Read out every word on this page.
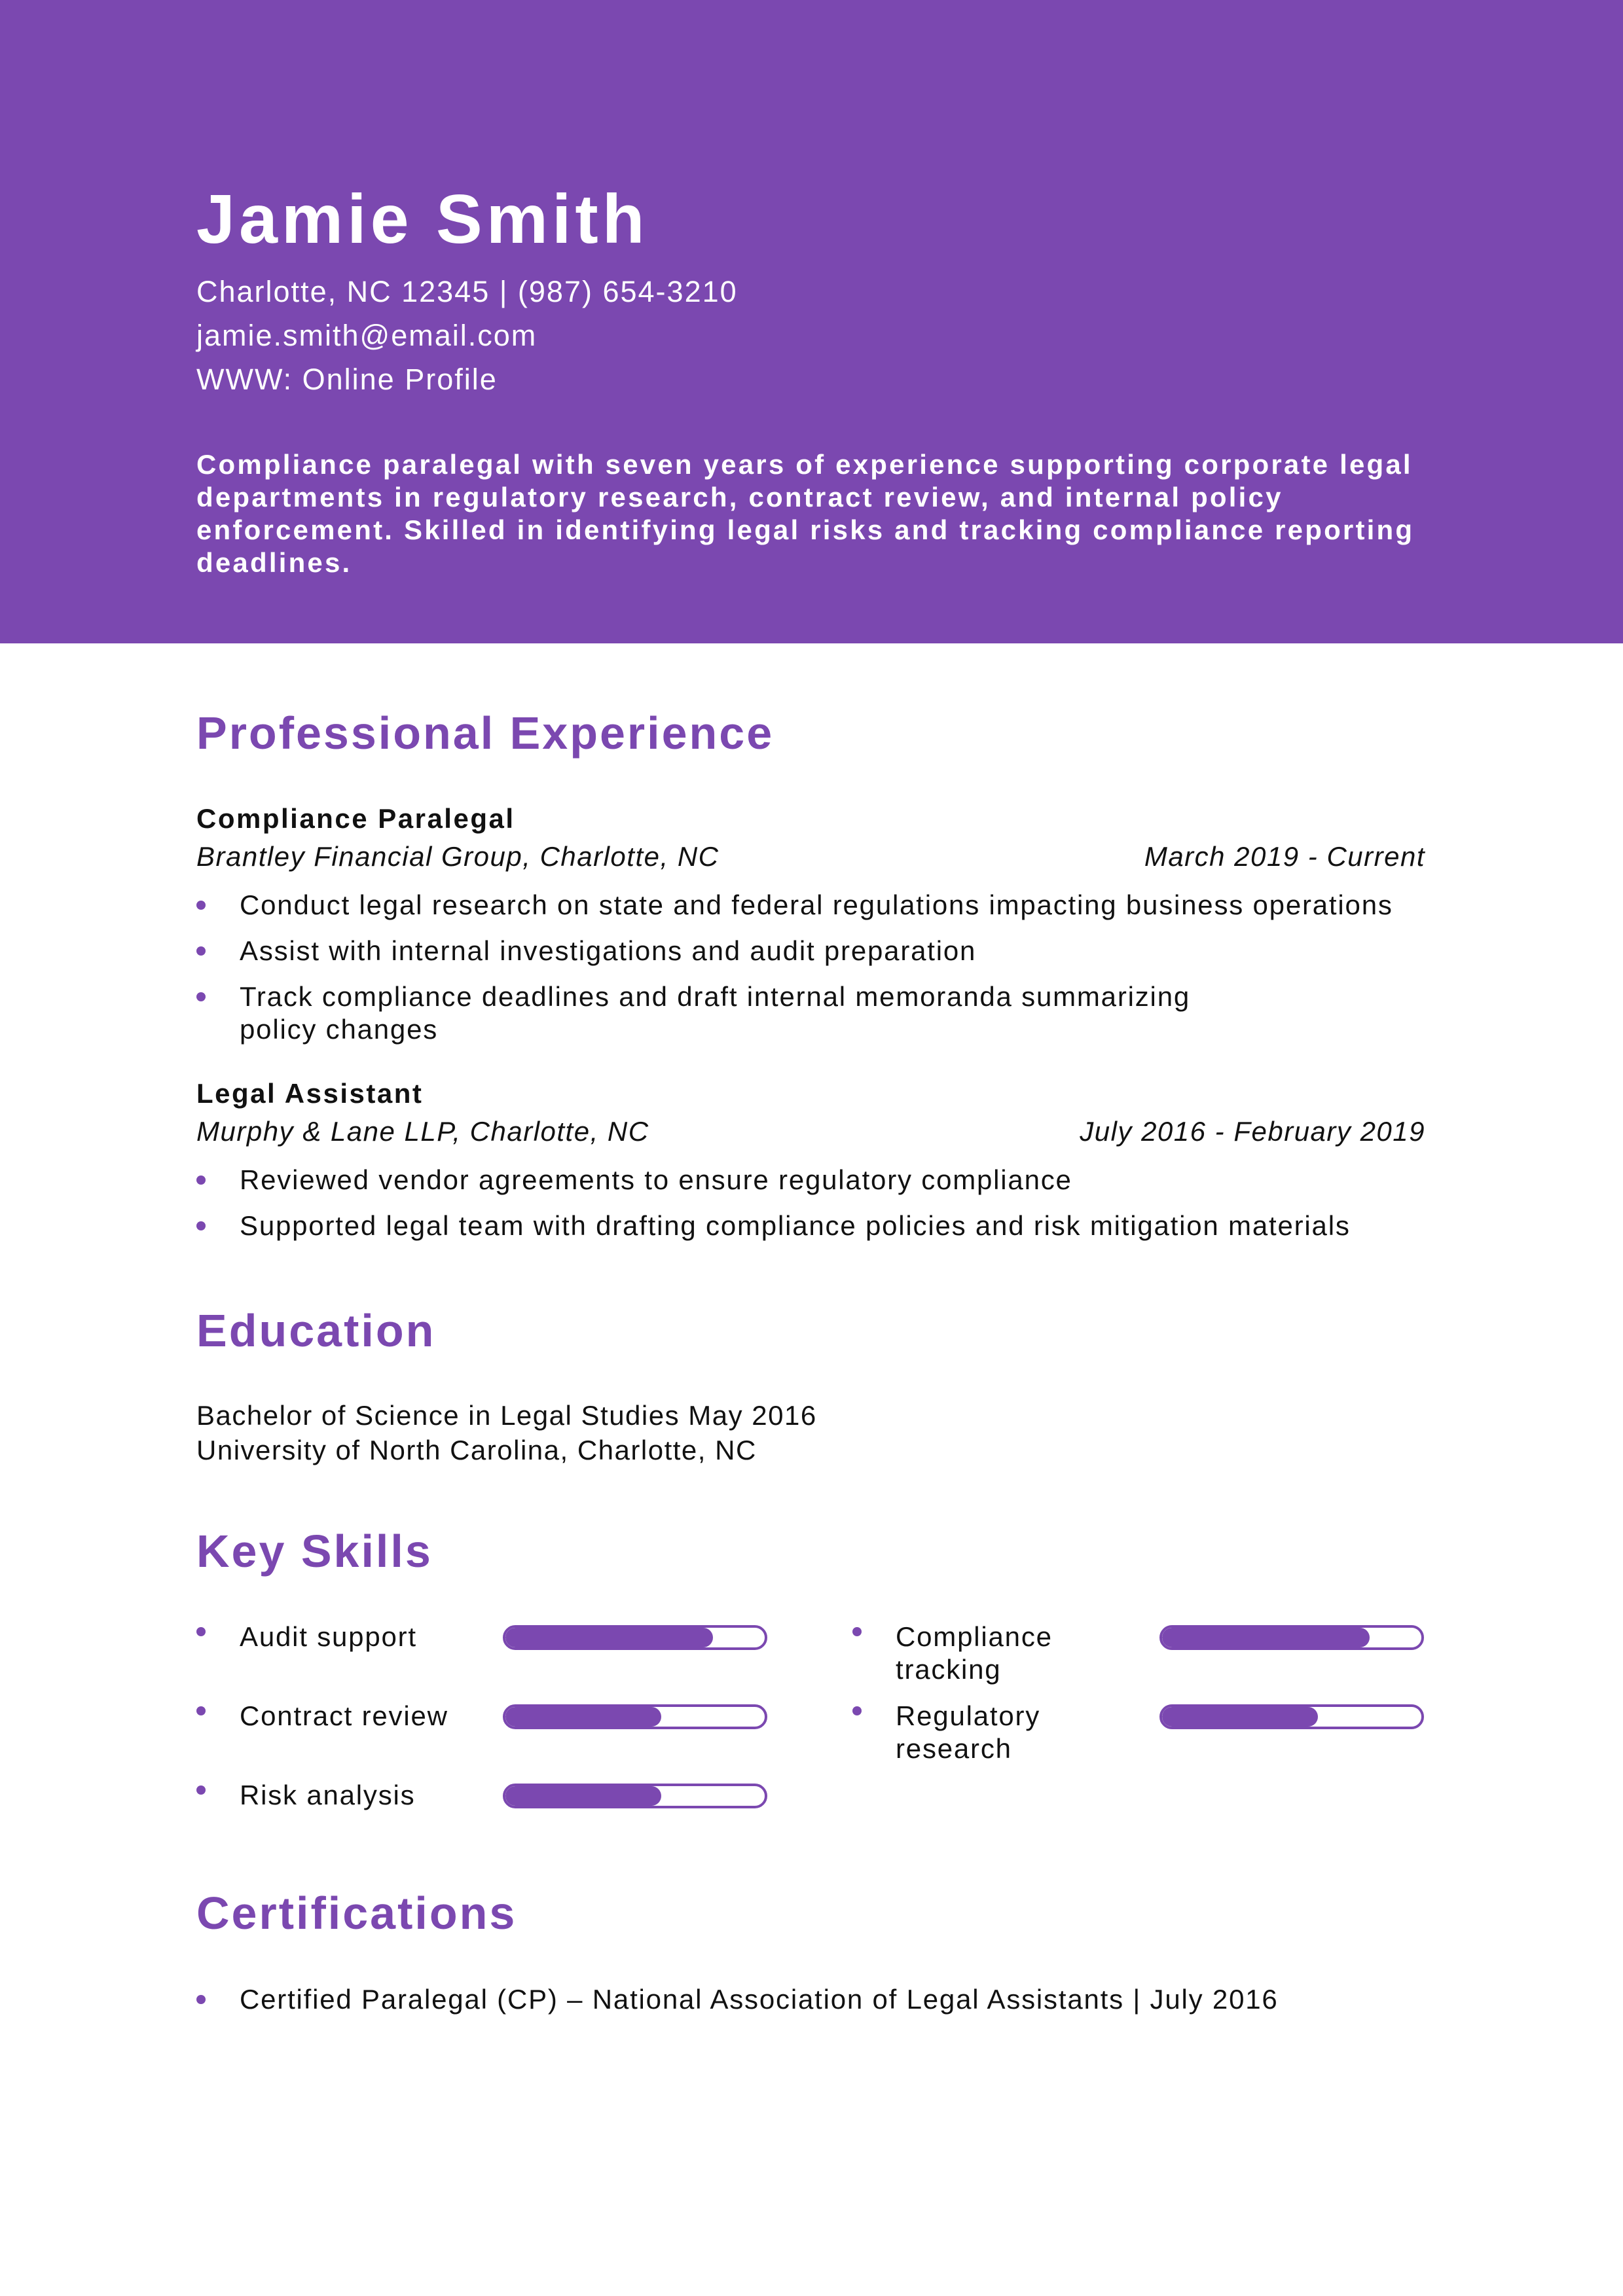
Jamie Smith
Charlotte, NC 12345 | (987) 654-3210
jamie.smith@email.com
WWW: Online Profile

Compliance paralegal with seven years of experience supporting corporate legal departments in regulatory research, contract review, and internal policy enforcement. Skilled in identifying legal risks and tracking compliance reporting deadlines.

Professional Experience
Compliance Paralegal
Brantley Financial Group, Charlotte, NC	March 2019 - Current
Conduct legal research on state and federal regulations impacting business operations
Assist with internal investigations and audit preparation
Track compliance deadlines and draft internal memoranda summarizing policy changes
Legal Assistant
Murphy & Lane LLP, Charlotte, NC	July 2016 - February 2019
Reviewed vendor agreements to ensure regulatory compliance
Supported legal team with drafting compliance policies and risk mitigation materials
Education
Bachelor of Science in Legal Studies May 2016
University of North Carolina, Charlotte, NC
Key Skills
Audit support	Compliance tracking
Contract review	Regulatory research
Risk analysis
Certifications
Certified Paralegal (CP) – National Association of Legal Assistants | July 2016
